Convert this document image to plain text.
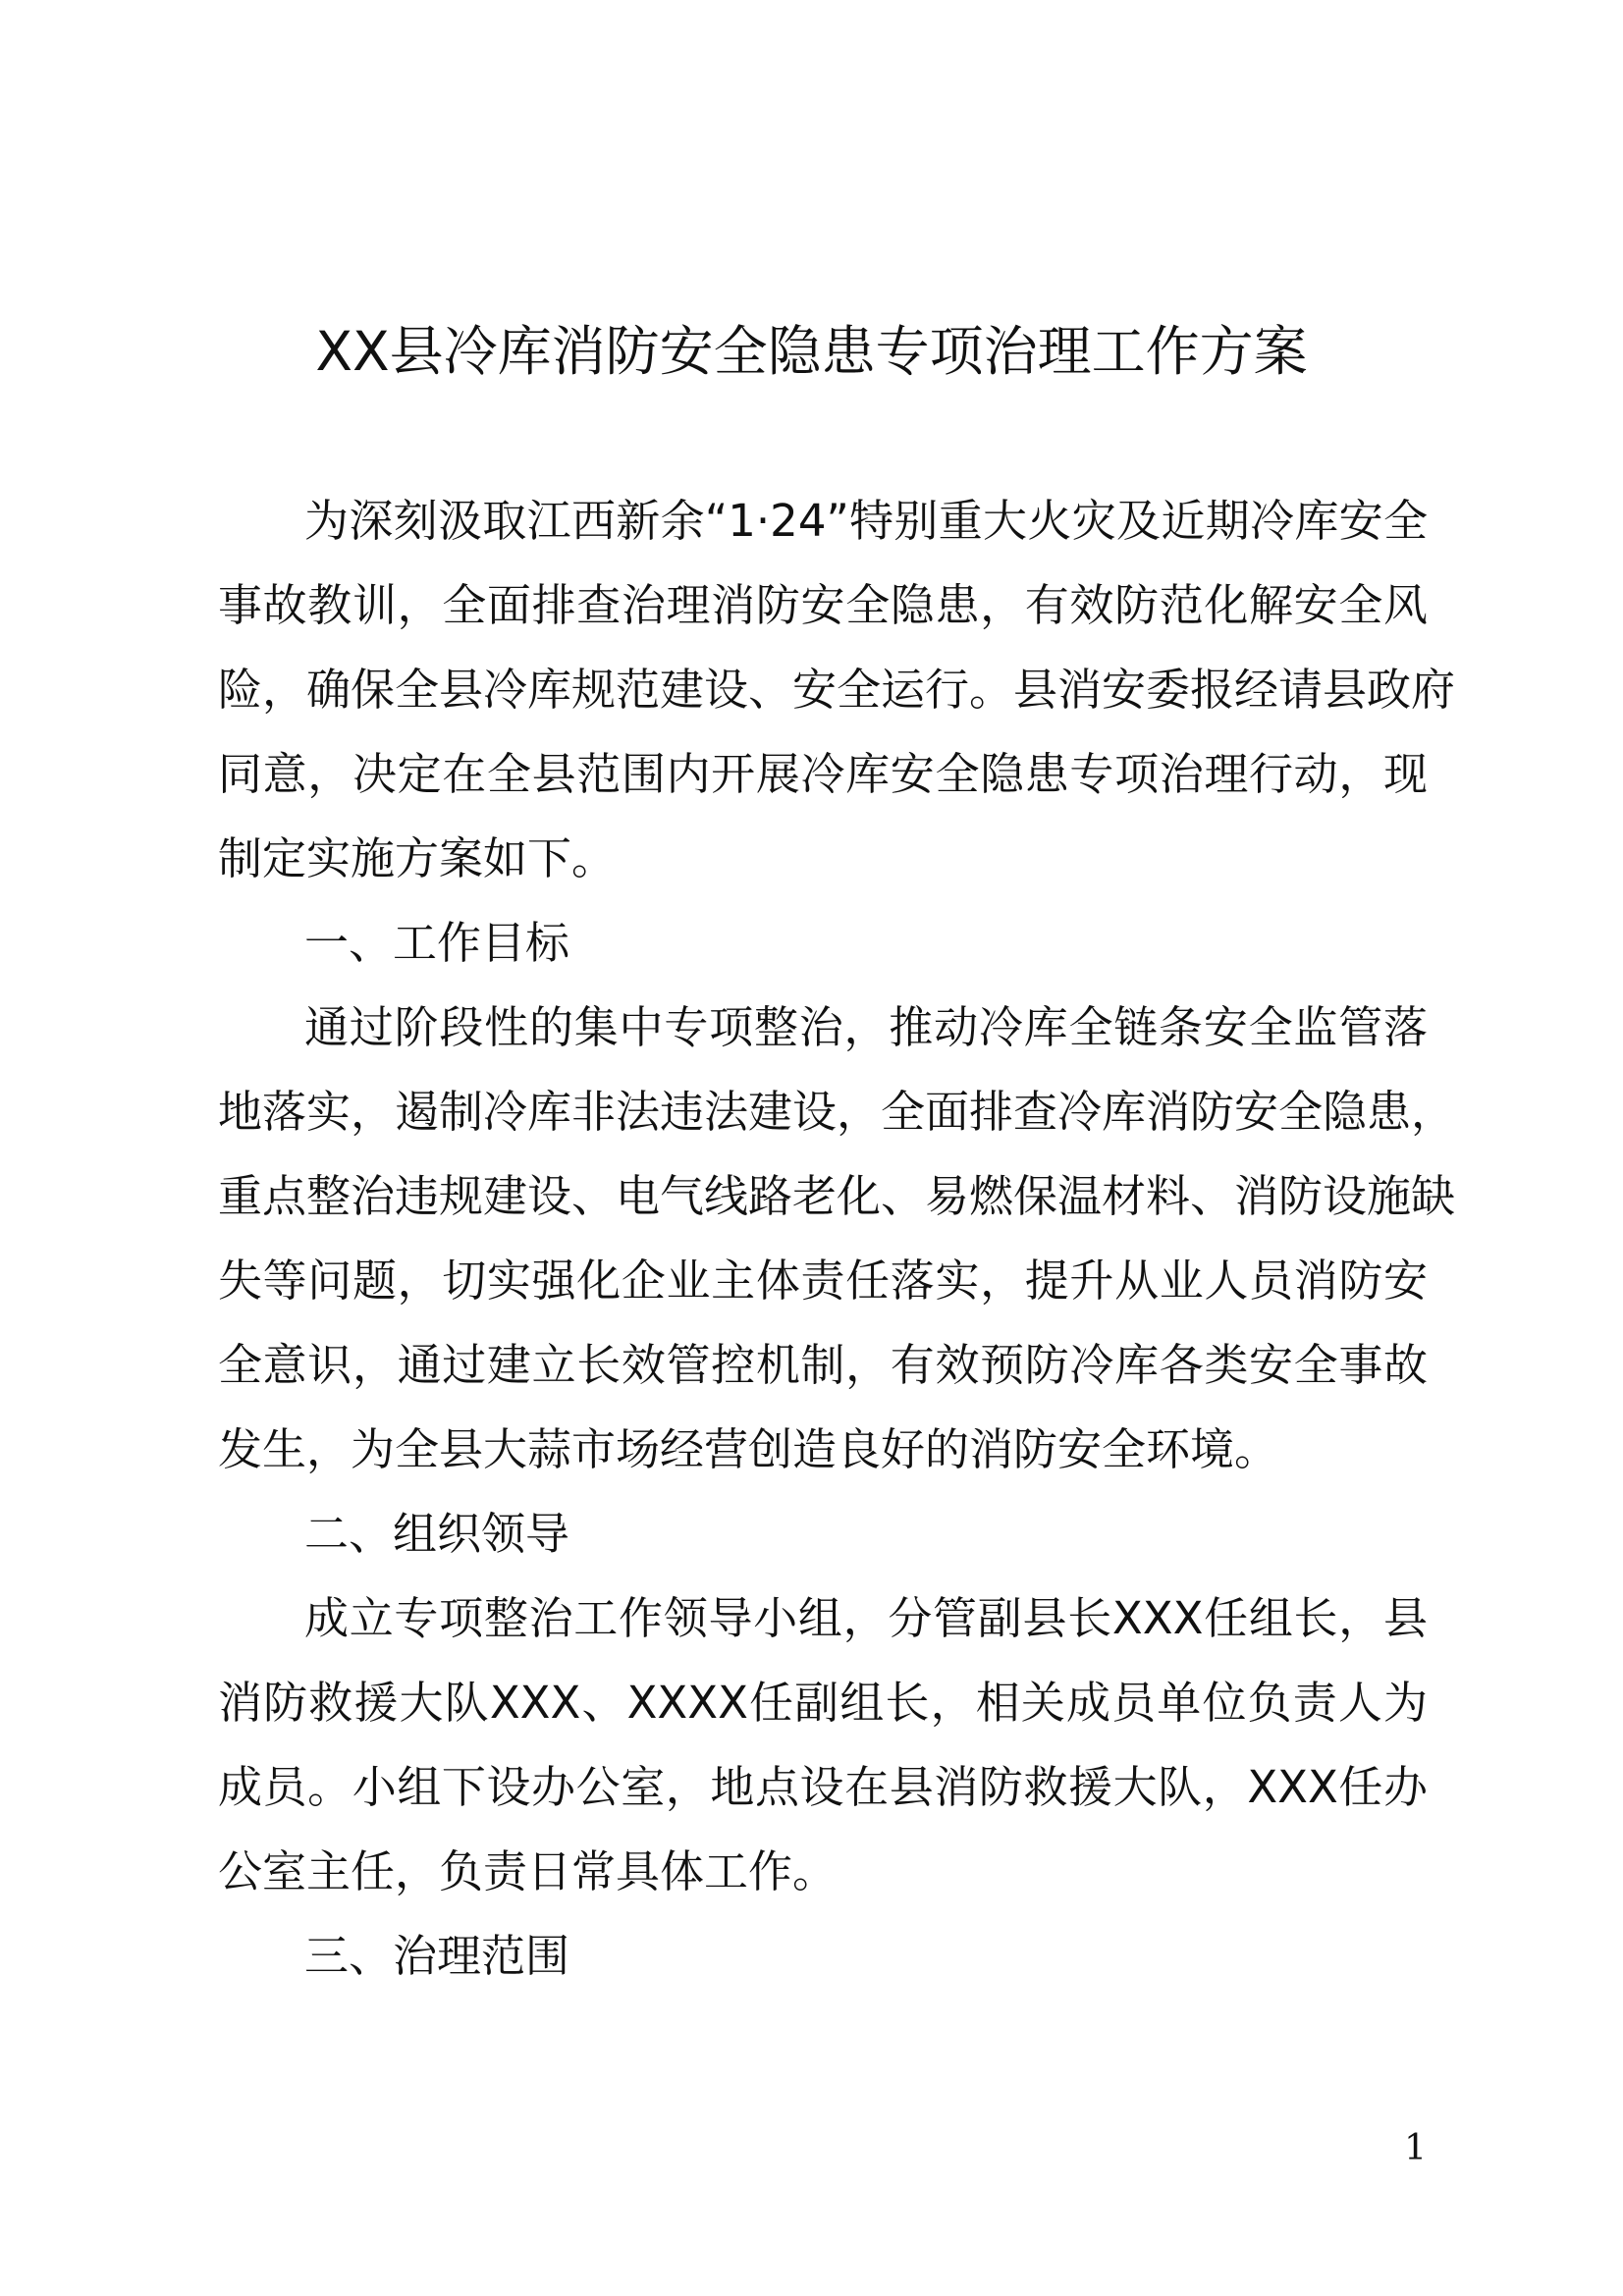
XX县冷库消防安全隐患专项治理工作方案

为深刻汲取江西新余“1·24”特别重大火灾及近期冷库安全

事故教训，全面排查治理消防安全隐患，有效防范化解安全风

险，确保全县冷库规范建设、安全运行。县消安委报经请县政府

同意，决定在全县范围内开展冷库安全隐患专项治理行动，现

制定实施方案如下。

一、工作目标

通过阶段性的集中专项整治，推动冷库全链条安全监管落

地落实，遏制冷库非法违法建设，全面排查冷库消防安全隐患，

重点整治违规建设、电气线路老化、易燃保温材料、消防设施缺

失等问题，切实强化企业主体责任落实，提升从业人员消防安

全意识，通过建立长效管控机制，有效预防冷库各类安全事故

发生，为全县大蒜市场经营创造良好的消防安全环境。

二、组织领导

成立专项整治工作领导小组，分管副县长XXX任组长，县

消防救援大队XXX、XXXX任副组长，相关成员单位负责人为

成员。小组下设办公室，地点设在县消防救援大队，XXX任办

公室主任，负责日常具体工作。

三、治理范围

1
